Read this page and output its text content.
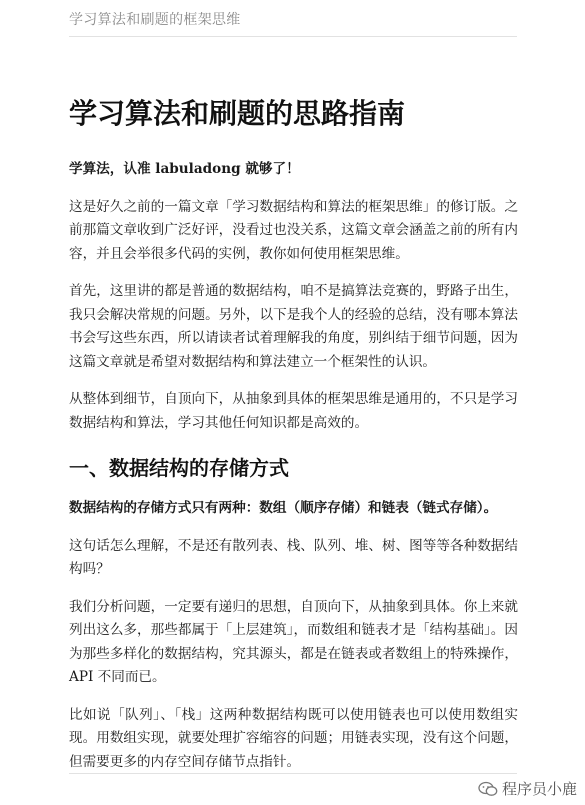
学习算法和刷题的框架思维
学习算法和刷题的思路指南

学算法，认准 labuladong 就够了！

这是好久之前的一篇文章「学习数据结构和算法的框架思维」的修订版。之前那篇文章收到广泛好评，没看过也没关系，这篇文章会涵盖之前的所有内容，并且会举很多代码的实例，教你如何使用框架思维。

首先，这里讲的都是普通的数据结构，咱不是搞算法竞赛的，野路子出生，我只会解决常规的问题。另外，以下是我个人的经验的总结，没有哪本算法书会写这些东西，所以请读者试着理解我的角度，别纠结于细节问题，因为这篇文章就是希望对数据结构和算法建立一个框架性的认识。

从整体到细节，自顶向下，从抽象到具体的框架思维是通用的，不只是学习数据结构和算法，学习其他任何知识都是高效的。

一、数据结构的存储方式

数据结构的存储方式只有两种：数组（顺序存储）和链表（链式存储）。

这句话怎么理解，不是还有散列表、栈、队列、堆、树、图等等各种数据结构吗？

我们分析问题，一定要有递归的思想，自顶向下，从抽象到具体。你上来就列出这么多，那些都属于「上层建筑」，而数组和链表才是「结构基础」。因为那些多样化的数据结构，究其源头，都是在链表或者数组上的特殊操作，API 不同而已。

比如说「队列」、「栈」这两种数据结构既可以使用链表也可以使用数组实现。用数组实现，就要处理扩容缩容的问题；用链表实现，没有这个问题，但需要更多的内存空间存储节点指针。

程序员小鹿
